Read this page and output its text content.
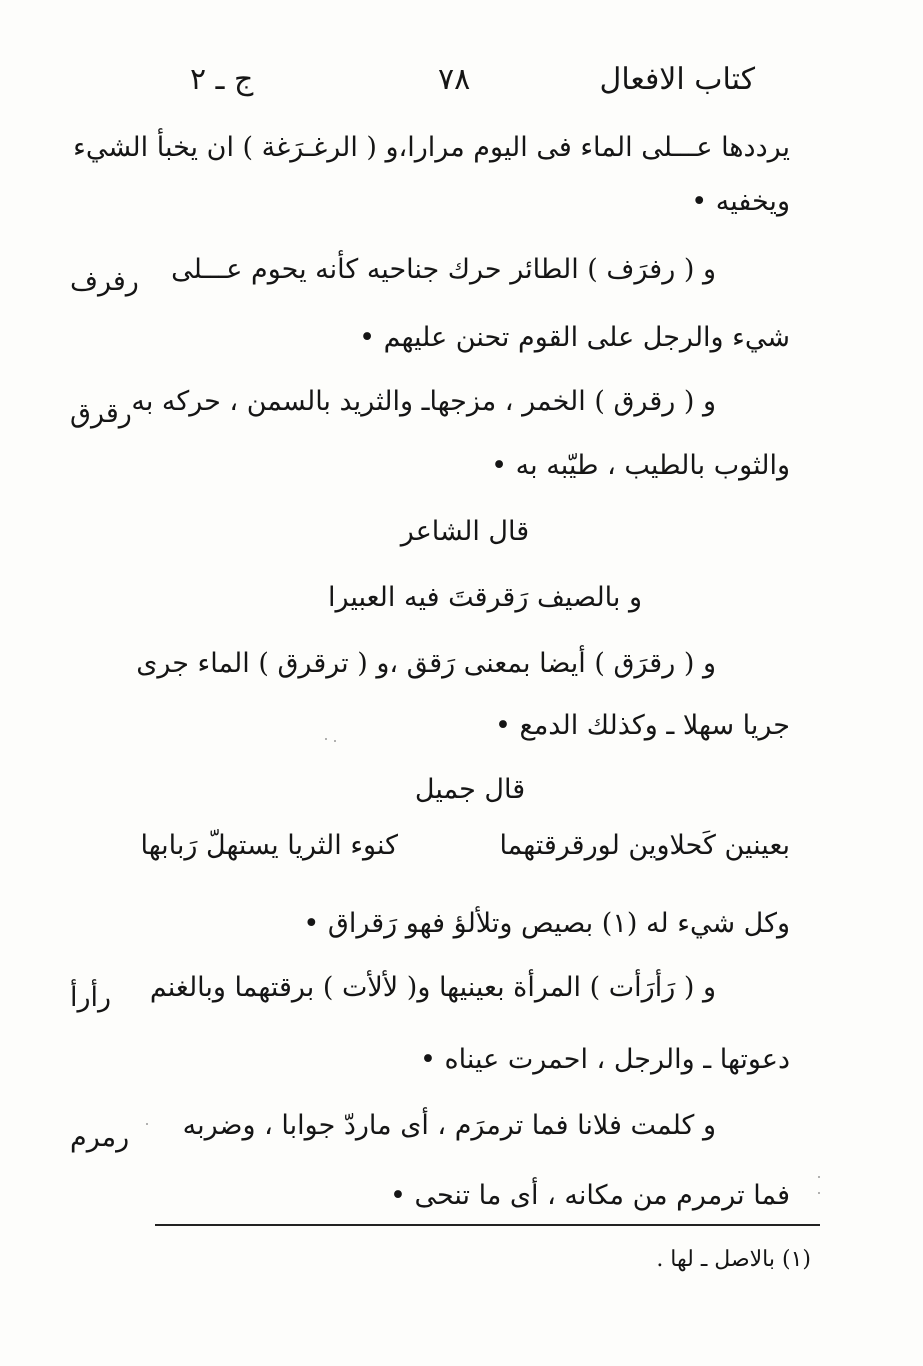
كتاب الافعال
٧٨
ج ـ ٢
يرددها عـــلى الماء فى اليوم مرارا،و ( الرغـرَغة ) ان يخبأ الشيء
ويخفيه •
و ( رفرَف ) الطائر حرك جناحيه كأنه يحوم عـــلى
رفرف
شيء والرجل على القوم تحنن عليهم •
و ( رقرق ) الخمر ، مزجهاـ والثريد بالسمن ، حركه به
رقرق
والثوب بالطيب ، طيّبه به •
قال الشاعر
و بالصيف رَقرقتَ فيه العبيرا
و ( رقرَق ) أيضا بمعنى رَقق ،و ( ترقرق ) الماء جرى
جريا سهلا ـ وكذلك الدمع •
قال جميل
بعينين كَحلاوين لورقرقتهما
كنوء الثريا يستهلّ رَبابها
وكل شيء له (١) بصيص وتلألؤ فهو رَقراق •
و ( رَأرَأت ) المرأة بعينيها و( لألأت ) برقتهما وبالغنم
رأرأ
دعوتها ـ والرجل ، احمرت عيناه •
و كلمت فلانا فما ترمرَم ، أى ماردّ جوابا ، وضربه
رمرم
فما ترمرم من مكانه ، أى ما تنحى •
(١) بالاصل ـ لها .
